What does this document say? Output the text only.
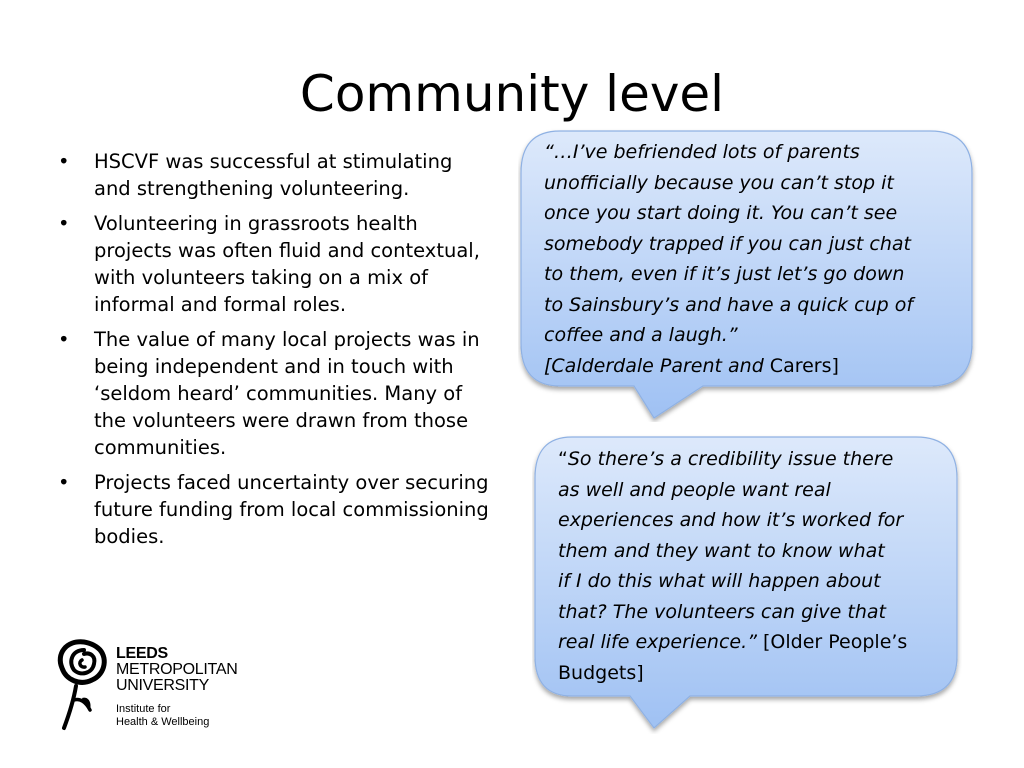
Community level
• HSCVF was successful at stimulating and strengthening volunteering.
• Volunteering in grassroots health projects was often fluid and contextual, with volunteers taking on a mix of informal and formal roles.
• The value of many local projects was in being independent and in touch with ‘seldom heard’ communities. Many of the volunteers were drawn from those communities.
• Projects faced uncertainty over securing future funding from local commissioning bodies.
“…I’ve befriended lots of parents
unofficially because you can’t stop it
once you start doing it. You can’t see
somebody trapped if you can just chat
to them, even if it’s just let’s go down
to Sainsbury’s and have a quick cup of
coffee and a laugh.”
[Calderdale Parent and Carers]
“So there’s a credibility issue there
as well and people want real
experiences and how it’s worked for
them and they want to know what
if I do this what will happen about
that? The volunteers can give that
real life experience.” [Older People’s
Budgets]
LEEDS
METROPOLITAN
UNIVERSITY
Institute for
Health & Wellbeing
